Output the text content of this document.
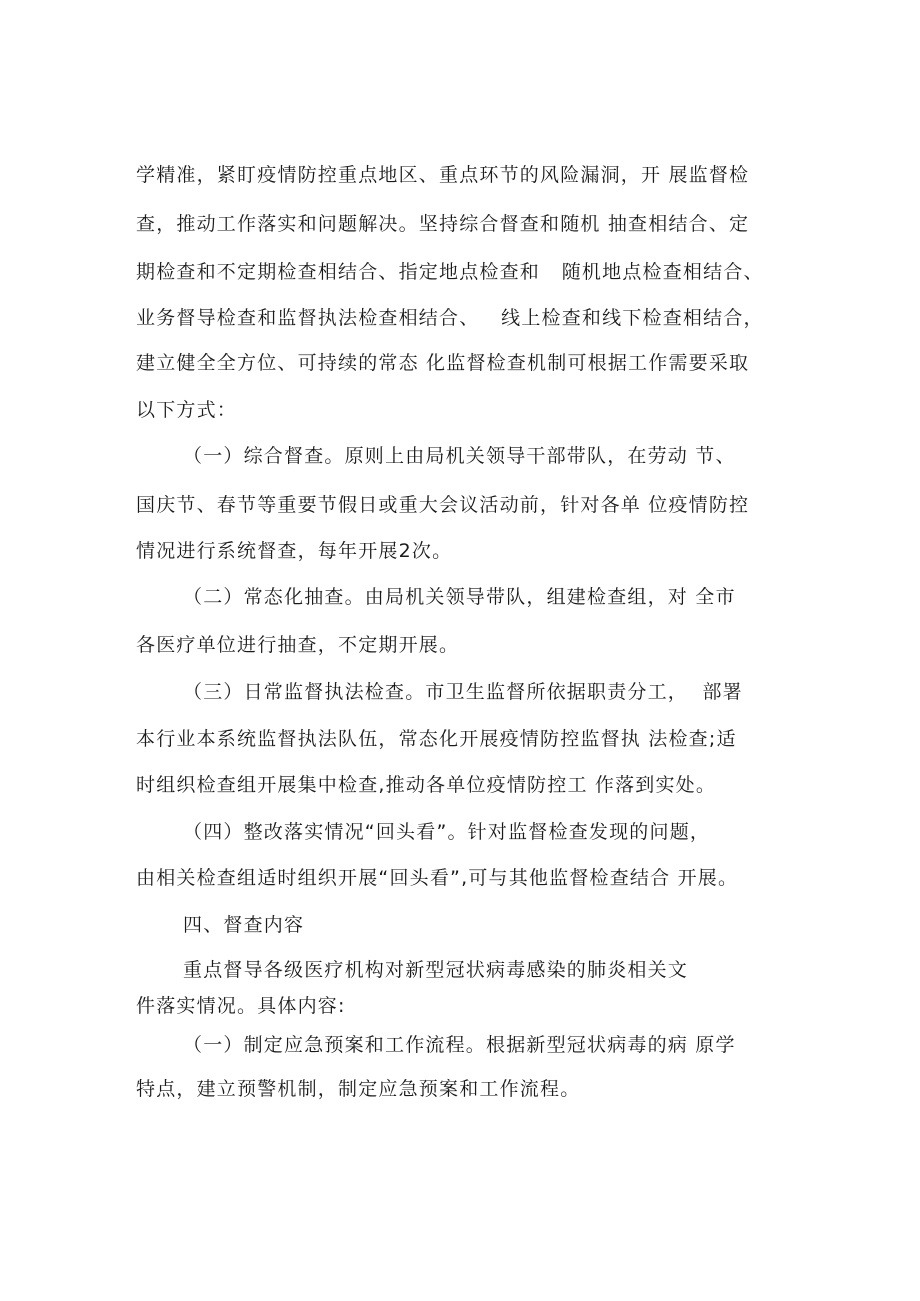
学精准，紧盯疫情防控重点地区、重点环节的风险漏洞，开 展监督检
查，推动工作落实和问题解决。坚持综合督查和随机 抽查相结合、定
期检查和不定期检查相结合、指定地点检查和   随机地点检查相结合、
业务督导检查和监督执法检查相结合、   线上检查和线下检查相结合，
建立健全全方位、可持续的常态 化监督检查机制可根据工作需要采取
以下方式：
（一）综合督查。原则上由局机关领导干部带队，在劳动 节、
国庆节、春节等重要节假日或重大会议活动前，针对各单 位疫情防控
情况进行系统督查，每年开展2次。
（二）常态化抽查。由局机关领导带队，组建检查组，对 全市
各医疗单位进行抽查，不定期开展。
（三）日常监督执法检查。市卫生监督所依据职责分工，  部署
本行业本系统监督执法队伍，常态化开展疫情防控监督执 法检查;适
时组织检查组开展集中检查,推动各单位疫情防控工 作落到实处。
（四）整改落实情况“回头看”。针对监督检查发现的问题，
由相关检查组适时组织开展“回头看”,可与其他监督检查结合 开展。
四、督查内容
重点督导各级医疗机构对新型冠状病毒感染的肺炎相关文
件落实情况。具体内容:
（一）制定应急预案和工作流程。根据新型冠状病毒的病 原学
特点，建立预警机制，制定应急预案和工作流程。
